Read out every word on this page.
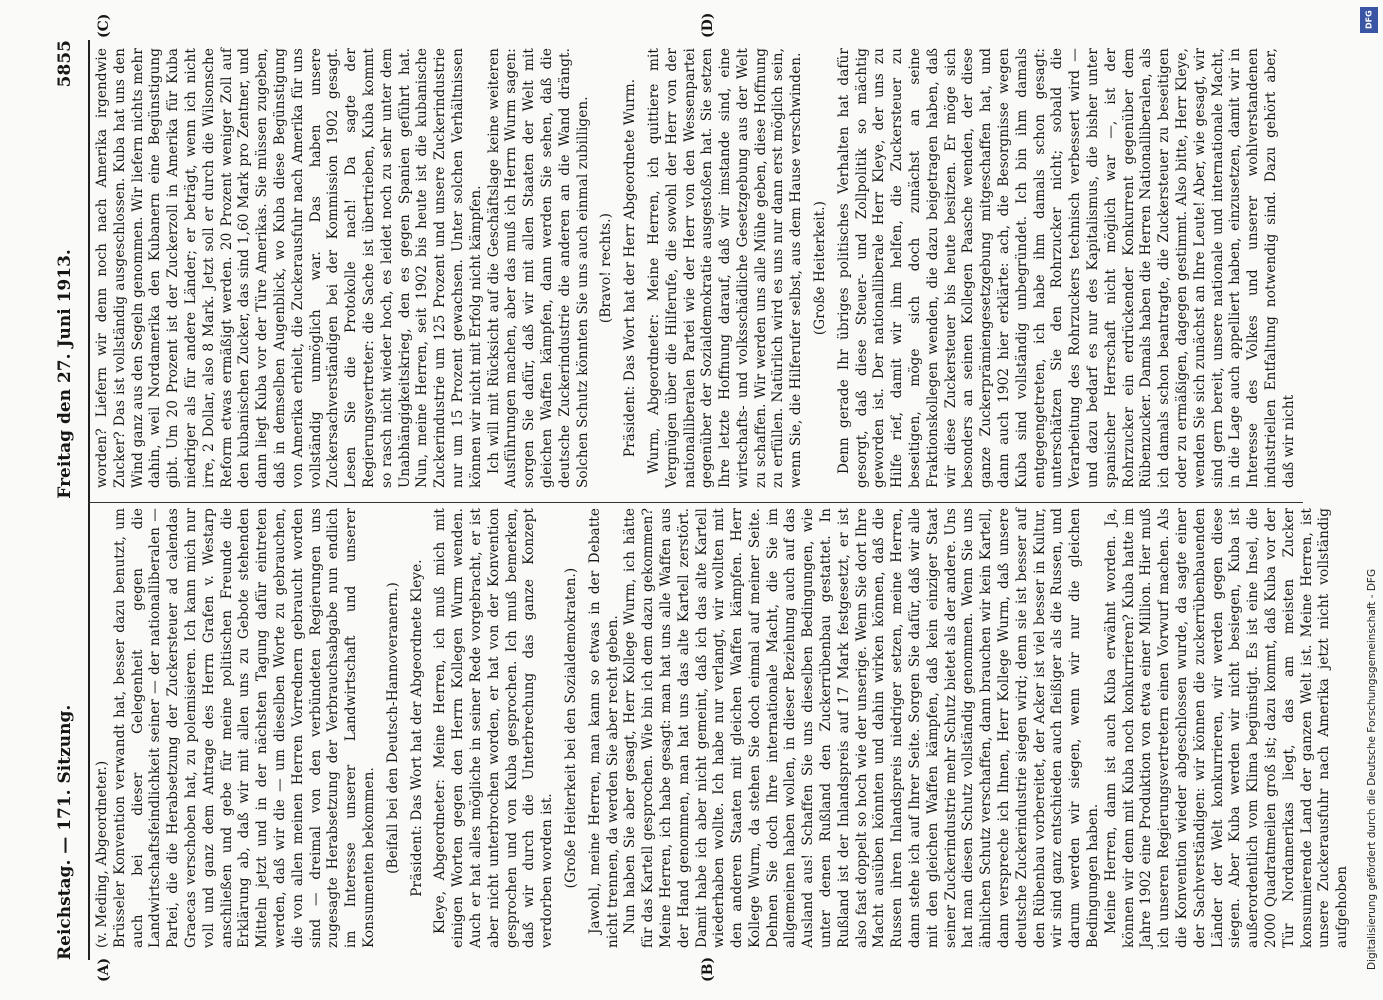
Reichstag. — 171. Sitzung.
Freitag den 27. Juni 1913.  5855
(A)	(B)
(C)	(D)

(v. Meding, Abgeordneter.) Brüsseler Konvention verwandt hat, besser dazu benutzt, um auch bei dieser Gelegenheit gegen die Landwirtschaftsfeindlichkeit seiner — der nationalliberalen — Partei, die die Herabsetzung der Zuckersteuer ad calendas Graecas verschoben hat, zu polemisieren. Ich kann mich nur voll und ganz dem Antrage des Herrn Grafen v. Westarp anschließen und gebe für meine politischen Freunde die Erklärung ab, daß wir mit allen uns zu Gebote stehenden Mitteln jetzt und in der nächsten Tagung dafür eintreten werden, daß wir die — um dieselben Worte zu gebrauchen, die von allen meinen Herren Vorrednern gebraucht worden sind — dreimal von den verbündeten Regierungen uns zugesagte Herabsetzung der Verbrauchsabgabe nun endlich im Interesse unserer Landwirtschaft und unserer Konsumenten bekommen. (Beifall bei den Deutsch-Hannoveranern.) Präsident: Das Wort hat der Abgeordnete Kleye. Kleye, Abgeordneter: Meine Herren, ich muß mich mit einigen Worten gegen den Herrn Kollegen Wurm wenden. Auch er hat alles mögliche in seiner Rede vorgebracht, er ist aber nicht unterbrochen worden, er hat von der Konvention gesprochen und von Kuba gesprochen. Ich muß bemerken, daß wir durch die Unterbrechung das ganze Konzept verdorben worden ist. (Große Heiterkeit bei den Sozialdemokraten.) Jawohl, meine Herren, man kann so etwas in der Debatte nicht trennen, da werden Sie aber recht geben. Nun haben Sie aber gesagt, Herr Kollege Wurm, ich hätte für das Kartell gesprochen. Wie bin ich dem dazu gekommen? Meine Herren, ich habe gesagt: man hat uns alle Waffen aus der Hand genommen, man hat uns das alte Kartell zerstört. Damit habe ich aber nicht gemeint, daß ich das alte Kartell wiederhaben wollte. Ich habe nur verlangt, wir wollten mit den anderen Staaten mit gleichen Waffen kämpfen. Herr Kollege Wurm, da stehen Sie doch einmal auf meiner Seite. Dehnen Sie doch Ihre internationale Macht, die Sie im allgemeinen haben wollen, in dieser Beziehung auch auf das Ausland aus! Schaffen Sie uns dieselben Bedingungen, wie unter denen Rußland den Zuckerrübenbau gestattet. In Rußland ist der Inlandspreis auf 17 Mark festgesetzt, er ist also fast doppelt so hoch wie der unserige. Wenn Sie dort Ihre Macht ausüben könnten und dahin wirken können, daß die Russen ihren Inlandspreis niedriger setzen, meine Herren, dann stehe ich auf Ihrer Seite. Sorgen Sie dafür, daß wir alle mit den gleichen Waffen kämpfen, daß kein einziger Staat seiner Zuckerindustrie mehr Schutz bietet als der andere. Uns hat man diesen Schutz vollständig genommen. Wenn Sie uns ähnlichen Schutz verschaffen, dann brauchen wir kein Kartell, dann verspreche ich Ihnen, Herr Kollege Wurm, daß unsere deutsche Zuckerindustrie siegen wird; denn sie ist besser auf den Rübenbau vorbereitet, der Acker ist viel besser in Kultur, wir sind ganz entschieden auch fleißiger als die Russen, und darum werden wir siegen, wenn wir nur die gleichen Bedingungen haben. Meine Herren, dann ist auch Kuba erwähnt worden. Ja, können wir denn mit Kuba noch konkurrieren? Kuba hatte im Jahre 1902 eine Produktion von etwa einer Million. Hier muß ich unseren Regierungsvertretern einen Vorwurf machen. Als die Konvention wieder abgeschlossen wurde, da sagte einer der Sachverständigen: wir können die zuckerrübenbauenden Länder der Welt konkurrieren, wir werden gegen diese siegen. Aber Kuba werden wir nicht besiegen, Kuba ist außerordentlich vom Klima begünstigt. Es ist eine Insel, die 2000 Quadratmeilen groß ist; dazu kommt, daß Kuba vor der Tür Nordamerikas liegt, das am meisten Zucker konsumierende Land der ganzen Welt ist. Meine Herren, ist unsere Zuckerausfuhr nach Amerika jetzt nicht vollständig aufgehoben

worden? Liefern wir denn noch nach Amerika irgendwie Zucker? Das ist vollständig ausgeschlossen. Kuba hat uns den Wind ganz aus den Segeln genommen. Wir liefern nichts mehr dahin, weil Nordamerika den Kubanern eine Begünstigung gibt. Um 20 Prozent ist der Zuckerzoll in Amerika für Kuba niedriger als für andere Länder; er beträgt, wenn ich nicht irre, 2 Dollar, also 8 Mark. Jetzt soll er durch die Wilsonsche Reform etwas ermäßigt werden. 20 Prozent weniger Zoll auf den kubanischen Zucker, das sind 1,60 Mark pro Zentner, und dann liegt Kuba vor der Türe Amerikas. Sie müssen zugeben, daß in demselben Augenblick, wo Kuba diese Begünstigung von Amerika erhielt, die Zuckerausfuhr nach Amerika für uns vollständig unmöglich war. Das haben unsere Zuckersachverständigen bei der Kommission 1902 gesagt. Lesen Sie die Protokolle nach! Da sagte der Regierungsvertreter: die Sache ist übertrieben, Kuba kommt so rasch nicht wieder hoch, es leidet noch zu sehr unter dem Unabhängigkeitskrieg, den es gegen Spanien geführt hat. Nun, meine Herren, seit 1902 bis heute ist die kubanische Zuckerindustrie um 125 Prozent und unsere Zuckerindustrie nur um 15 Prozent gewachsen. Unter solchen Verhältnissen können wir nicht mit Erfolg nicht kämpfen. Ich will mit Rücksicht auf die Geschäftslage keine weiteren Ausführungen machen, aber das muß ich Herrn Wurm sagen: sorgen Sie dafür, daß wir mit allen Staaten der Welt mit gleichen Waffen kämpfen, dann werden Sie sehen, daß die deutsche Zuckerindustrie die anderen an die Wand drängt. Solchen Schutz könnten Sie uns auch einmal zubilligen. (Bravo! rechts.) Präsident: Das Wort hat der Herr Abgeordnete Wurm. Wurm, Abgeordneter: Meine Herren, ich quittiere mit Vergnügen über die Hilferufe, die sowohl der Herr von der nationalliberalen Partei wie der Herr von den Wessenpartei gegenüber der Sozialdemokratie ausgestoßen hat. Sie setzen Ihre letzte Hoffnung darauf, daß wir imstande sind, eine wirtschafts- und volksschädliche Gesetzgebung aus der Welt zu schaffen. Wir werden uns alle Mühe geben, diese Hoffnung zu erfüllen. Natürlich wird es uns nur dann erst möglich sein, wenn Sie, die Hilferufer selbst, aus dem Hause verschwinden. (Große Heiterkeit.) Denn gerade Ihr übriges politisches Verhalten hat dafür gesorgt, daß diese Steuer- und Zollpolitik so mächtig geworden ist. Der nationalliberale Herr Kleye, der uns zu Hilfe rief, damit wir ihm helfen, die Zuckersteuer zu beseitigen, möge sich doch zunächst an seine Fraktionskollegen wenden, die dazu beigetragen haben, daß wir diese Zuckersteuer bis heute besitzen. Er möge sich besonders an seinen Kollegen Paasche wenden, der diese ganze Zuckerprämiengesetzgebung mitgeschaffen hat, und dann auch 1902 hier erklärte: ach, die Besorgnisse wegen Kuba sind vollständig unbegründet. Ich bin ihm damals entgegengetreten, ich habe ihm damals schon gesagt: unterschätzen Sie den Rohrzucker nicht; sobald die Verarbeitung des Rohrzuckers technisch verbessert wird — und dazu bedarf es nur des Kapitalismus, die bisher unter spanischer Herrschaft nicht möglich war —, ist der Rohrzucker ein erdrückender Konkurrent gegenüber dem Rübenzucker. Damals haben die Herren Nationalliberalen, als ich damals schon beantragte, die Zuckersteuer zu beseitigen oder zu ermäßigen, dagegen gestimmt. Also bitte, Herr Kleye, wenden Sie sich zunächst an Ihre Leute! Aber, wie gesagt, wir sind gern bereit, unsere nationale und internationale Macht, in die Lage auch appelliert haben, einzusetzen, damit wir in Interesse des Volkes und unserer wohlverstandenen industriellen Entfaltung notwendig sind. Dazu gehört aber, daß wir nicht

DFG
Digitalisierung gefördert durch die Deutsche Forschungsgemeinschaft - DFG
